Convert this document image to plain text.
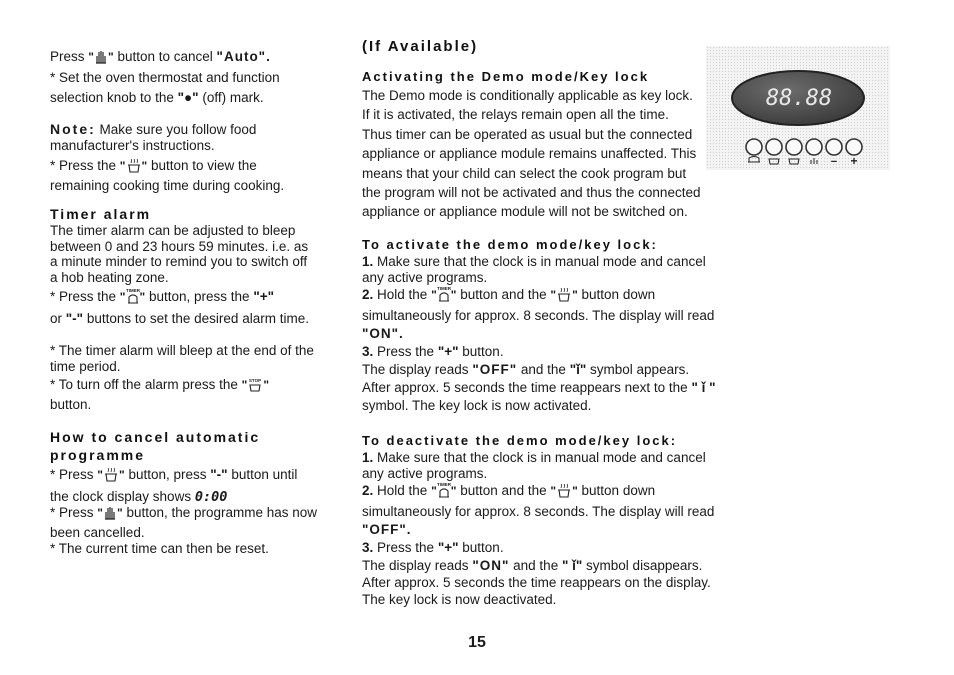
Press " " button to cancel "Auto".

* Set the oven thermostat and function selection knob to the "●" (off) mark.

Note: Make sure you follow food manufacturer's instructions.

* Press the " " button to view the remaining cooking time during cooking.

Timer alarm

The timer alarm can be adjusted to bleep between 0 and 23 hours 59 minutes. i.e. as a minute minder to remind you to switch off a hob heating zone.

* Press the " TIMER " button, press the "+"
or "-" buttons to set the desired alarm time.

* The timer alarm will bleep at the end of the time period.

* To turn off the alarm press the " STOP "
button.

How to cancel automatic
programme

* Press " " button, press "-" button until the clock display shows 0:00

* Press " " button, the programme has now been cancelled.

* The current time can then be reset.

(If Available)
Activating the Demo mode/Key lock

The Demo mode is conditionally applicable as key lock. If it is activated, the relays remain open all the time. Thus timer can be operated as usual but the connected appliance or appliance module remains unaffected. This means that your child can select the cook program but the program will not be activated and thus the connected appliance or appliance module will not be switched on.

To activate the demo mode/key lock:

1. Make sure that the clock is in manual mode and cancel any active programs.

2. Hold the " TIMER " button and the " " button down simultaneously for approx. 8 seconds. The display will read "ON".

3. Press the "+" button.

The display reads "OFF" and the "ǐ" symbol appears. After approx. 5 seconds the time reappears next to the " ǐ " symbol. The key lock is now activated.

To deactivate the demo mode/key lock:

1. Make sure that the clock is in manual mode and cancel any active programs.

2. Hold the " TIMER " button and the " " button down simultaneously for approx. 8 seconds. The display will read "OFF".

3. Press the "+" button.

The display reads "ON" and the " ǐ" symbol disappears. After approx. 5 seconds the time reappears on the display. The key lock is now deactivated.

88.88
− +
15
